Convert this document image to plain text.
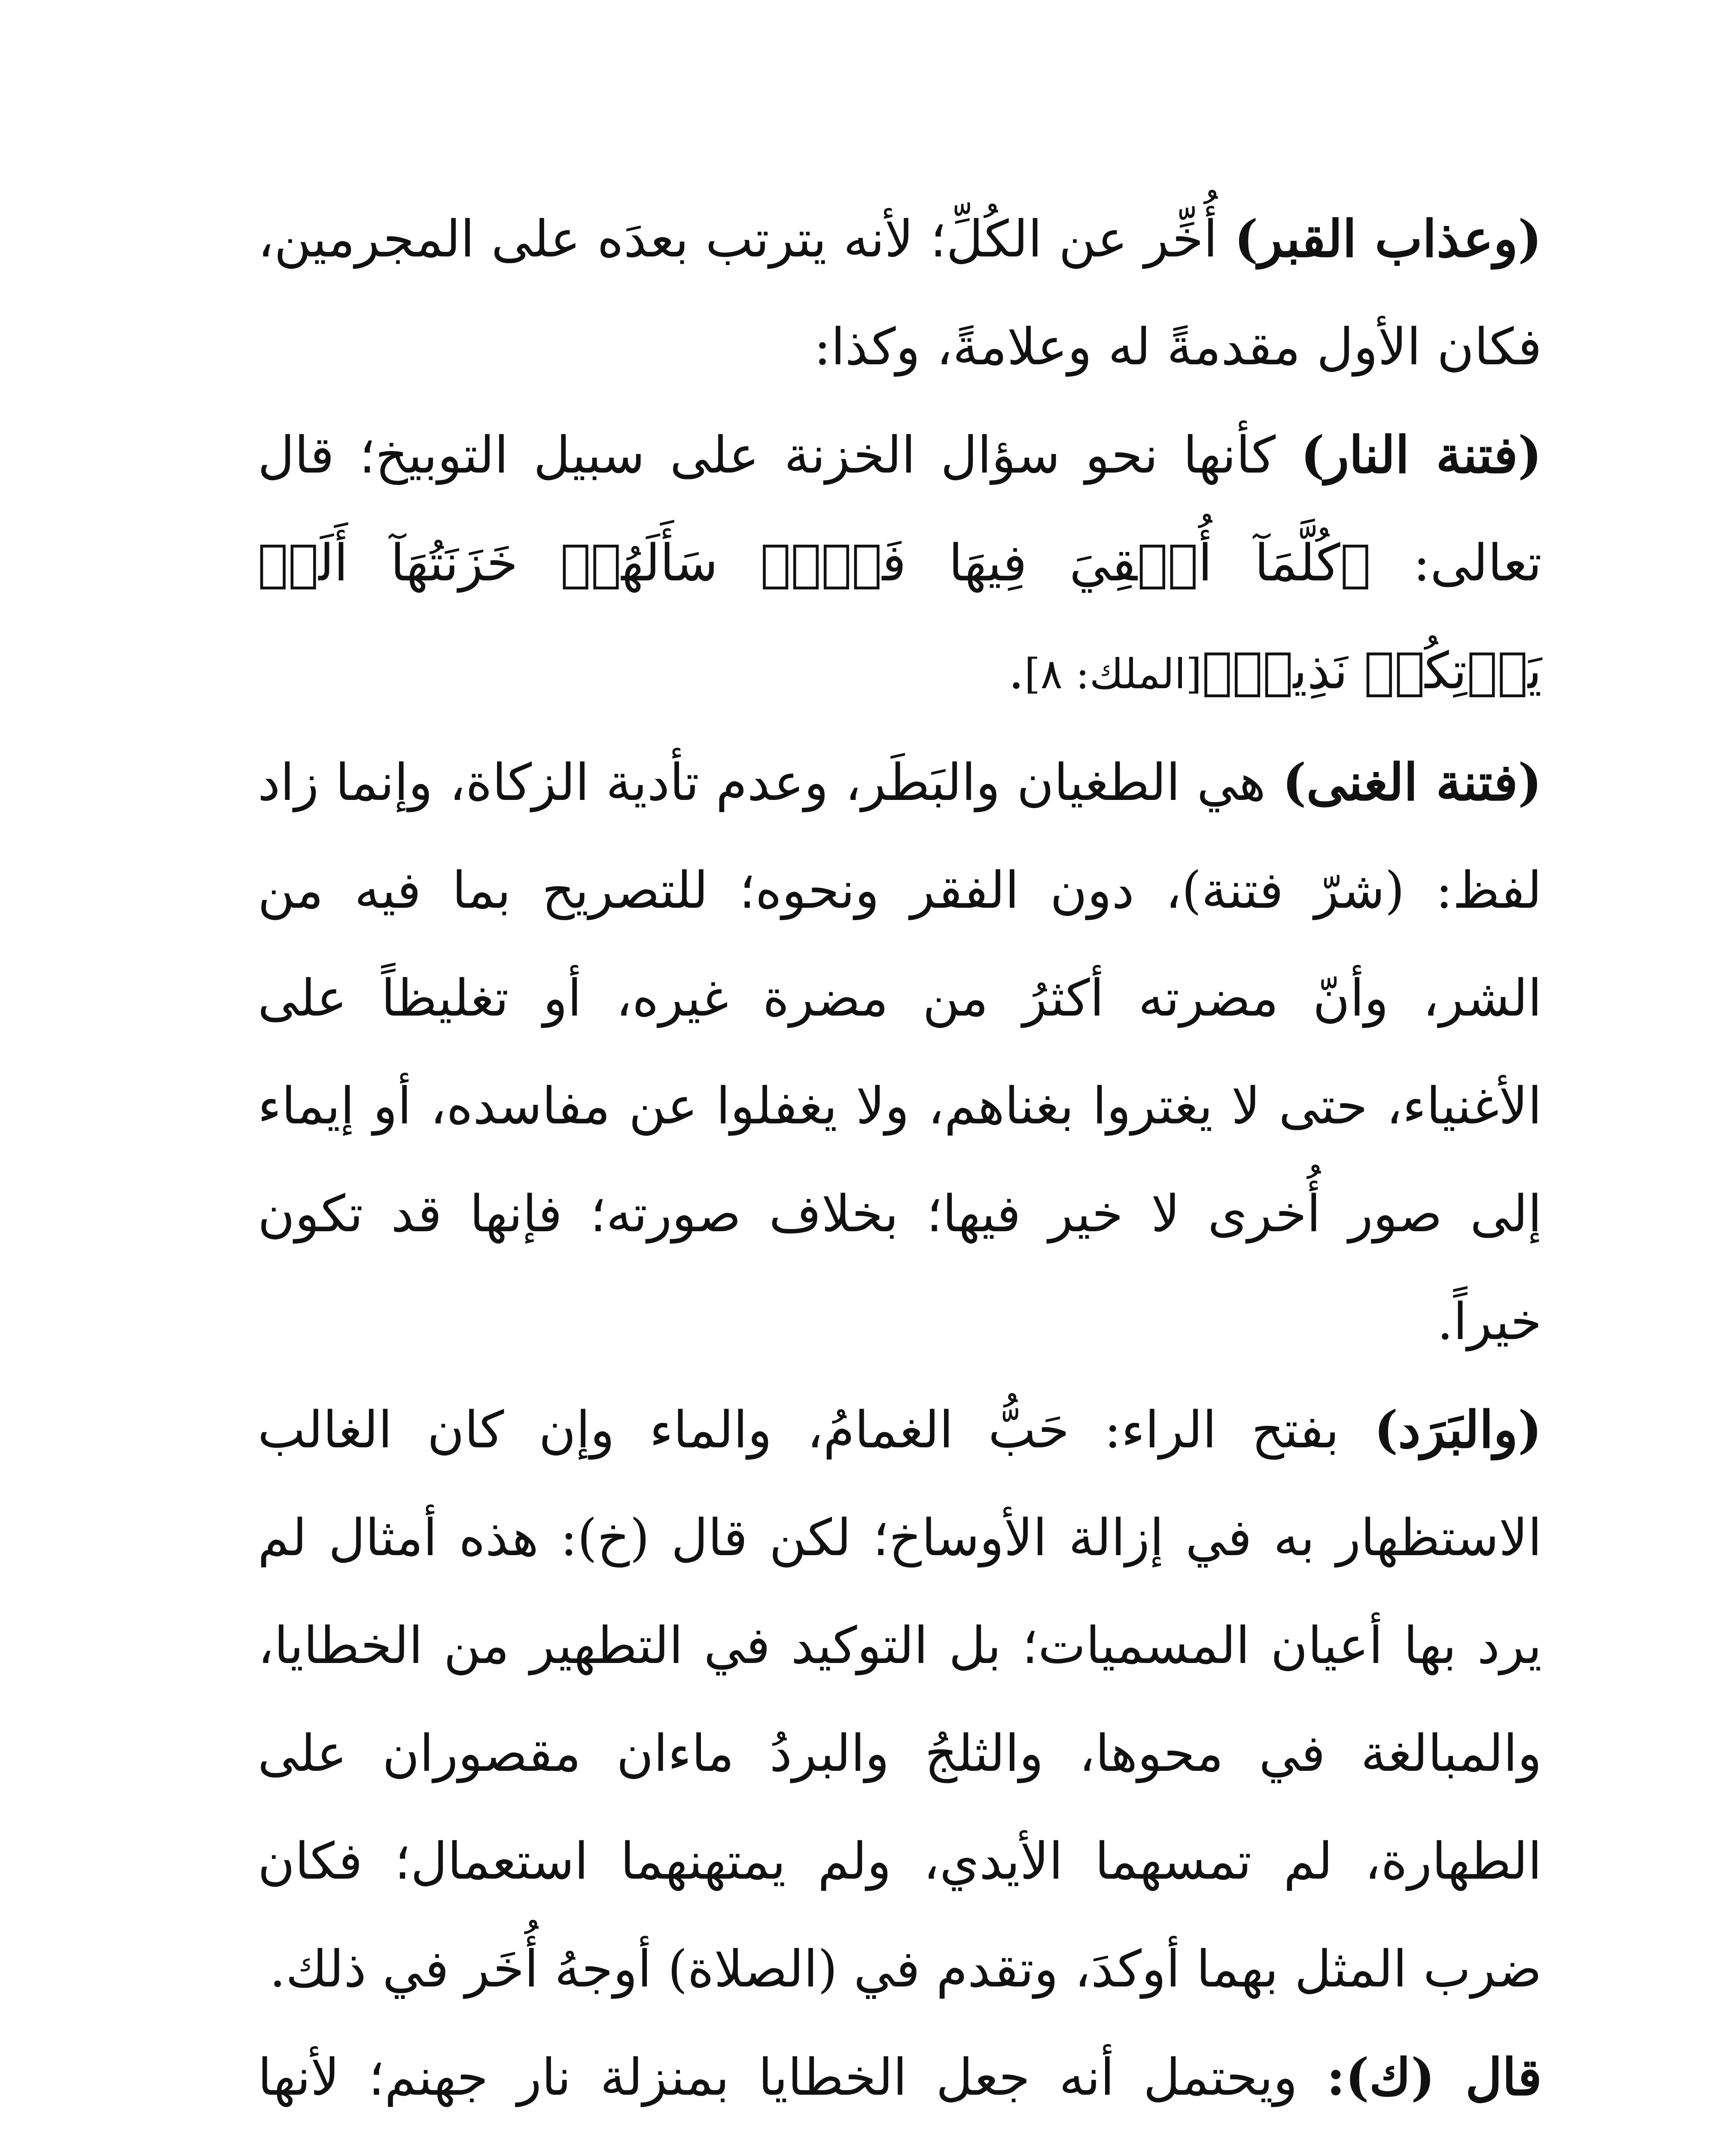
(وعذاب القبر) أُخِّر عن الكُلِّ؛ لأنه يترتب بعدَه على المجرمين، فكان الأول مقدمةً له وعلامةً، وكذا:

(فتنة النار) كأنها نحو سؤال الخزنة على سبيل التوبيخ؛ قال تعالى: ﴿كُلَّمَآ أُلۡقِيَ فِيهَا فَوۡجٞ سَأَلَهُمۡ خَزَنَتُهَآ أَلَمۡ يَأۡتِكُمۡ نَذِيرٞ﴾[الملك: ٨].

(فتنة الغنى) هي الطغيان والبَطَر، وعدم تأدية الزكاة، وإنما زاد لفظ: (شرّ فتنة)، دون الفقر ونحوه؛ للتصريح بما فيه من الشر، وأنّ مضرته أكثرُ من مضرة غيره، أو تغليظاً على الأغنياء، حتى لا يغتروا بغناهم، ولا يغفلوا عن مفاسده، أو إيماء إلى صور أُخرى لا خير فيها؛ بخلاف صورته؛ فإنها قد تكون خيراً.

(والبَرَد) بفتح الراء: حَبُّ الغمامُ، والماء وإن كان الغالب الاستظهار به في إزالة الأوساخ؛ لكن قال (خ): هذه أمثال لم يرد بها أعيان المسميات؛ بل التوكيد في التطهير من الخطايا، والمبالغة في محوها، والثلجُ والبردُ ماءان مقصوران على الطهارة، لم تمسهما الأيدي، ولم يمتهنهما استعمال؛ فكان ضرب المثل بهما أوكدَ، وتقدم في (الصلاة) أوجهُ أُخَر في ذلك.

قال (ك): ويحتمل أنه جعل الخطايا بمنزلة نار جهنم؛ لأنها
